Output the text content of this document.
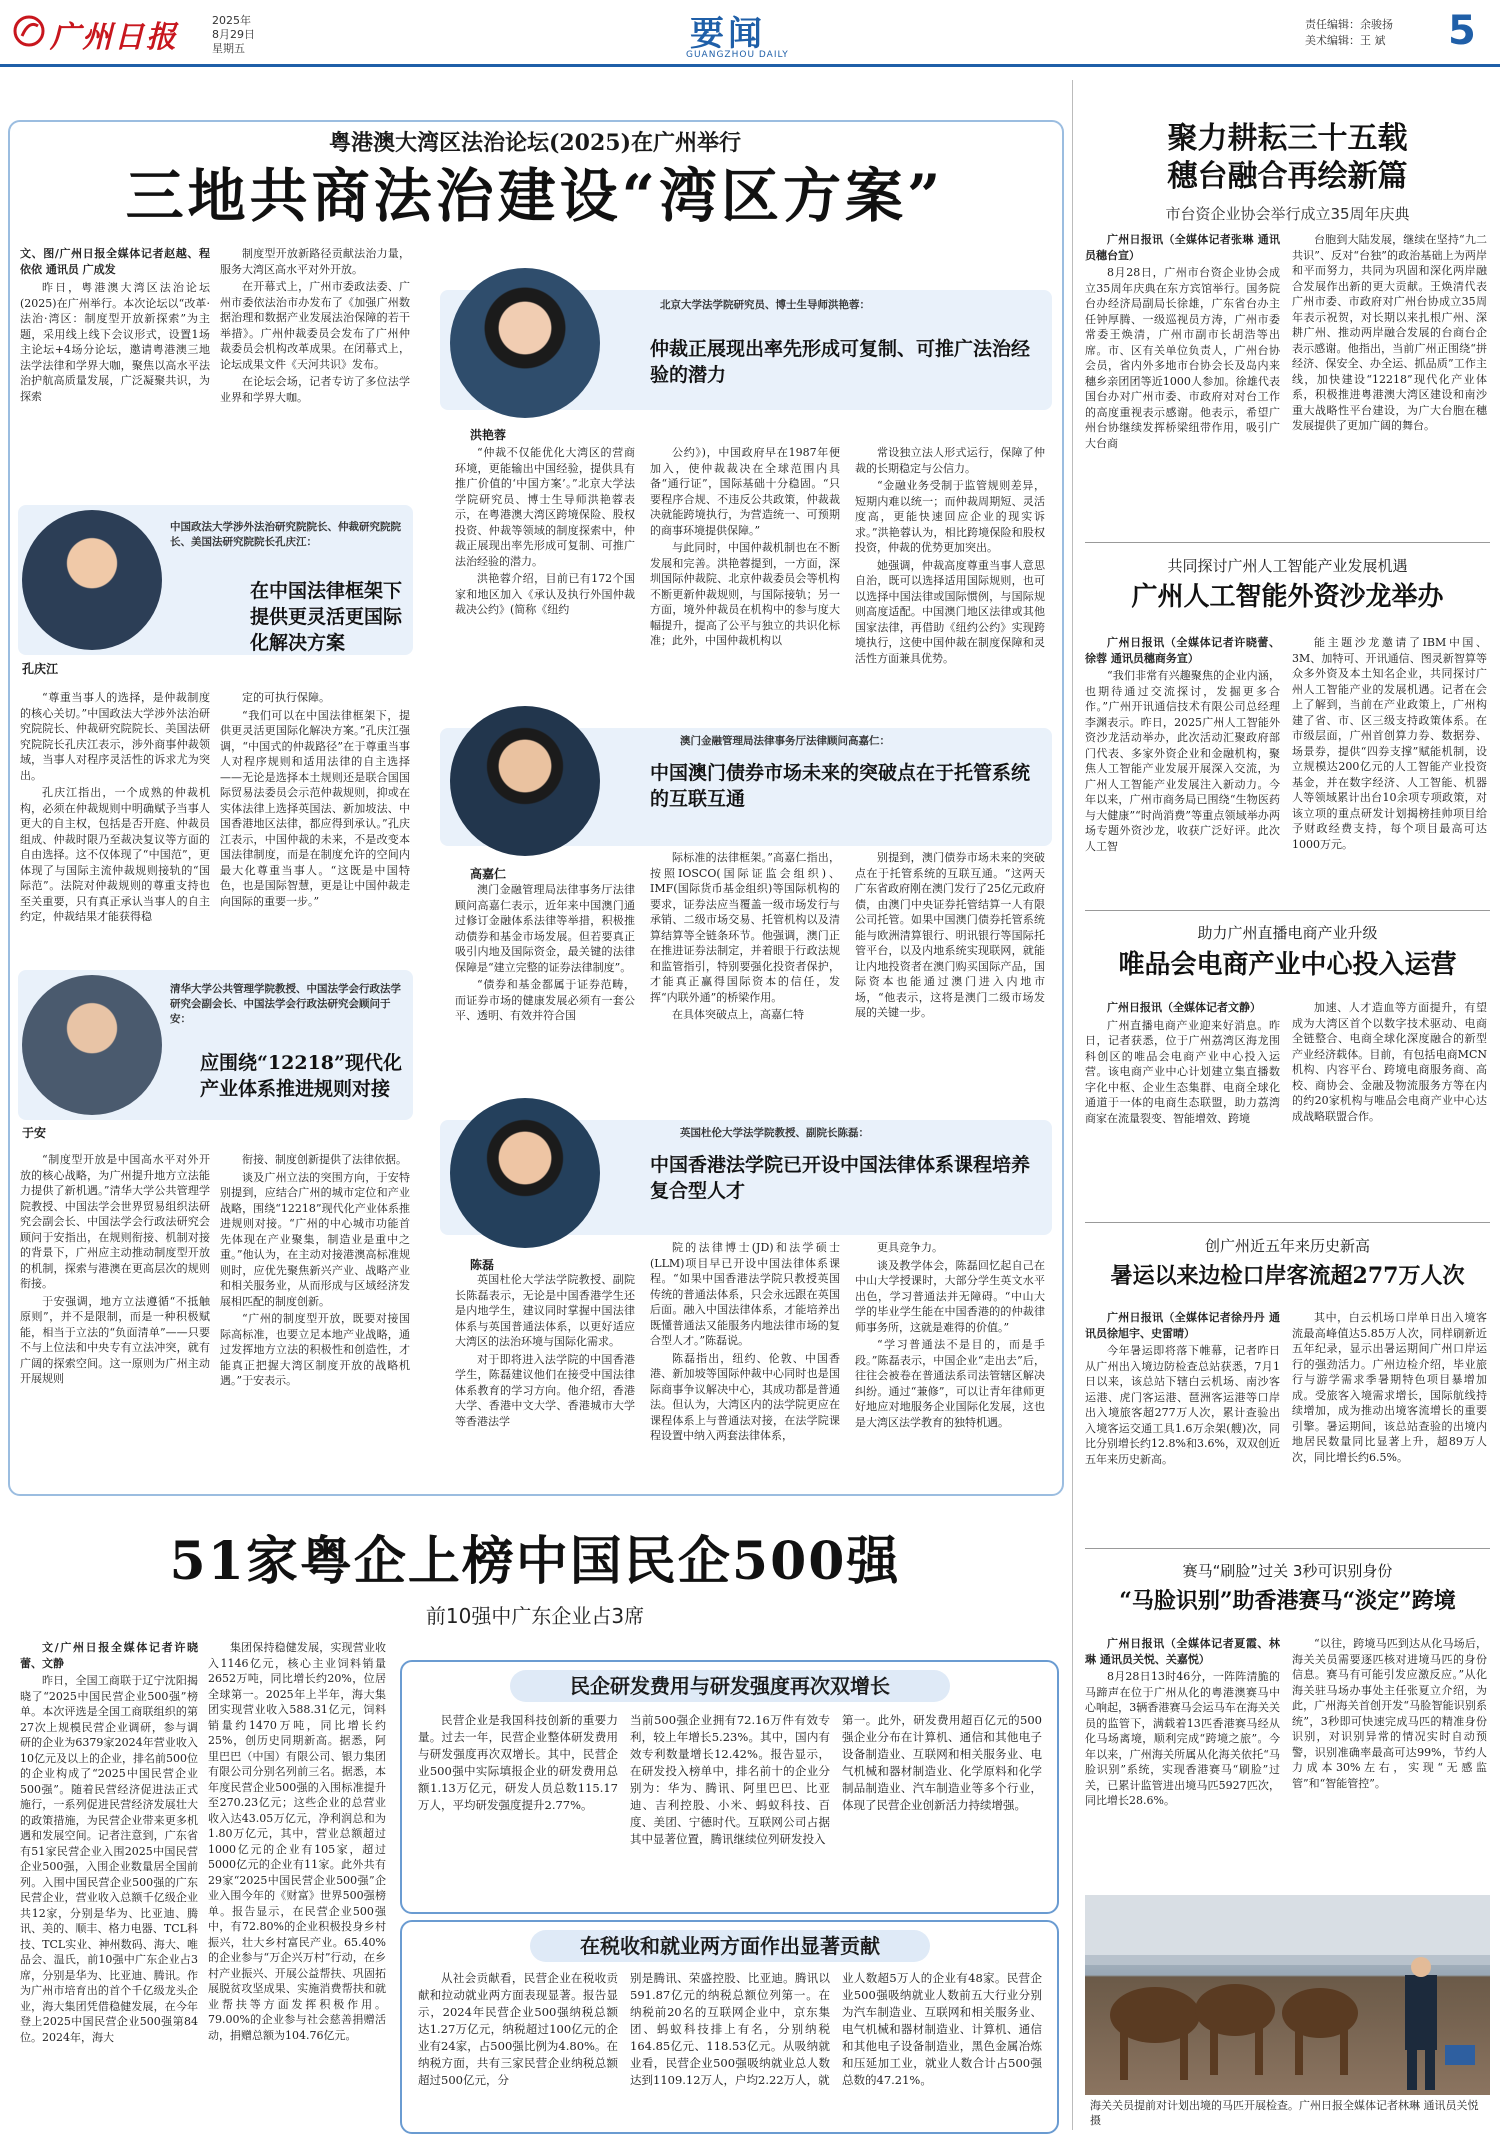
广州日报	2025年
8月29日
星期五	要闻
GUANGZHOU DAILY
责任编辑：余骏扬
美术编辑：王 斌 5
粤港澳大湾区法治论坛(2025)在广州举行
三地共商法治建设“湾区方案”
文、图/广州日报全媒体记者赵越、程依依 通讯员 广成发

昨日，粤港澳大湾区法治论坛(2025)在广州举行。本次论坛以“改革·法治·湾区：制度型开放新探索”为主题，采用线上线下会议形式，设置1场主论坛+4场分论坛，邀请粤港澳三地法学法律和学界大咖，聚焦以高水平法治护航高质量发展，广泛凝聚共识，为探索

制度型开放新路径贡献法治力量，服务大湾区高水平对外开放。

在开幕式上，广州市委政法委、广州市委依法治市办发布了《加强广州数据治理和数据产业发展法治保障的若干举措》。广州仲裁委员会发布了广州仲裁委员会机构改革成果。在闭幕式上，论坛成果文件《天河共识》发布。

在论坛会场，记者专访了多位法学业界和学界大咖。

孔庆江
中国政法大学涉外法治研究院院长、仲裁研究院院长、美国法研究院院长孔庆江：
在中国法律框架下提供更灵活更国际化解决方案

“尊重当事人的选择，是仲裁制度的核心关切。”中国政法大学涉外法治研究院院长、仲裁研究院院长、美国法研究院院长孔庆江表示，涉外商事仲裁领域，当事人对程序灵活性的诉求尤为突出。

孔庆江指出，一个成熟的仲裁机构，必须在仲裁规则中明确赋予当事人更大的自主权，包括是否开庭、仲裁员组成、仲裁时限乃至裁决复议等方面的自由选择。这不仅体现了“中国范”，更体现了与国际主流仲裁规则接轨的“国际范”。法院对仲裁规则的尊重支持也至关重要，只有真正承认当事人的自主约定，仲裁结果才能获得稳

定的可执行保障。

“我们可以在中国法律框架下，提供更灵活更国际化解决方案。”孔庆江强调，“中国式的仲裁路径”在于尊重当事人对程序规则和适用法律的自主选择——无论是选择本土规则还是联合国国际贸易法委员会示范仲裁规则，抑或在实体法律上选择英国法、新加坡法、中国香港地区法律，都应得到承认。”孔庆江表示，中国仲裁的未来，不是改变本国法律制度，而是在制度允许的空间内最大化尊重当事人。“这既是中国特色，也是国际智慧，更是让中国仲裁走向国际的重要一步。”

于安
清华大学公共管理学院教授、中国法学会行政法学研究会副会长、中国法学会行政法研究会顾问于安：
应围绕“12218”现代化产业体系推进规则对接

“制度型开放是中国高水平对外开放的核心战略，为广州提升地方立法能力提供了新机遇。”清华大学公共管理学院教授、中国法学会世界贸易组织法研究会副会长、中国法学会行政法研究会顾问于安指出，在规则衔接、机制对接的背景下，广州应主动推动制度型开放的机制，探索与港澳在更高层次的规则衔接。

于安强调，地方立法遵循“不抵触原则”，并不是限制，而是一种积极赋能，相当于立法的“负面清单”——只要不与上位法和中央专有立法冲突，就有广阔的探索空间。这一原则为广州主动开展规则

衔接、制度创新提供了法律依据。

谈及广州立法的突围方向，于安特别提到，应结合广州的城市定位和产业战略，围绕“12218”现代化产业体系推进规则对接。“广州的中心城市功能首先体现在产业聚集，制造业是重中之重。”他认为，在主动对接港澳高标准规则时，应优先聚焦新兴产业、战略产业和相关服务业，从而形成与区域经济发展相匹配的制度创新。

“广州的制度型开放，既要对接国际高标准，也要立足本地产业战略，通过发挥地方立法的积极性和创造性，才能真正把握大湾区制度开放的战略机遇。”于安表示。

洪艳蓉
北京大学法学院研究员、博士生导师洪艳蓉：
仲裁正展现出率先形成可复制、可推广法治经验的潜力

“仲裁不仅能优化大湾区的营商环境，更能输出中国经验，提供具有推广价值的‘中国方案’。”北京大学法学院研究员、博士生导师洪艳蓉表示，在粤港澳大湾区跨境保险、股权投资、仲裁等领域的制度探索中，仲裁正展现出率先形成可复制、可推广法治经验的潜力。

洪艳蓉介绍，目前已有172个国家和地区加入《承认及执行外国仲裁裁决公约》(简称《纽约

公约》)，中国政府早在1987年便加入，使仲裁裁决在全球范围内具备“通行证”，国际基础十分稳固。“只要程序合规、不违反公共政策，仲裁裁决就能跨境执行，为营造统一、可预期的商事环境提供保障。”

与此同时，中国仲裁机制也在不断发展和完善。洪艳蓉提到，一方面，深圳国际仲裁院、北京仲裁委员会等机构不断更新仲裁规则，与国际接轨；另一方面，境外仲裁员在机构中的参与度大幅提升，提高了公平与独立的共识化标准；此外，中国仲裁机构以

常设独立法人形式运行，保障了仲裁的长期稳定与公信力。

“金融业务受制于监管规则差异，短期内难以统一；而仲裁周期短、灵活度高，更能快速回应企业的现实诉求。”洪艳蓉认为，相比跨境保险和股权投资，仲裁的优势更加突出。

她强调，仲裁高度尊重当事人意思自治，既可以选择适用国际规则，也可以选择中国法律或国际惯例，与国际规则高度适配。中国澳门地区法律或其他国家法律，再借助《纽约公约》实现跨境执行，这使中国仲裁在制度保障和灵活性方面兼具优势。

高嘉仁
澳门金融管理局法律事务厅法律顾问高嘉仁：
中国澳门债券市场未来的突破点在于托管系统的互联互通

澳门金融管理局法律事务厅法律顾问高嘉仁表示，近年来中国澳门通过修订金融体系法律等举措，积极推动债券和基金市场发展。但若要真正吸引内地及国际资金，最关键的法律保障是“建立完整的证券法律制度”。

“债券和基金都属于证券范畴，而证券市场的健康发展必须有一套公平、透明、有效并符合国

际标准的法律框架。”高嘉仁指出，按照IOSCO(国际证监会组织)、IMF(国际货币基金组织)等国际机构的要求，证券法应当覆盖一级市场发行与承销、二级市场交易、托管机构以及清算结算等全链条环节。他强调，澳门正在推进证券法制定，并着眼于行政法规和监管指引，特别要强化投资者保护，才能真正赢得国际资本的信任，发挥“内联外通”的桥梁作用。

在具体突破点上，高嘉仁特

别提到，澳门债券市场未来的突破点在于托管系统的互联互通。“这两天广东省政府刚在澳门发行了25亿元政府债，由澳门中央证券托管结算一人有限公司托管。如果中国澳门债券托管系统能与欧洲清算银行、明讯银行等国际托管平台，以及内地系统实现联网，就能让内地投资者在澳门购买国际产品，国际资本也能通过澳门进入内地市场，“他表示，这将是澳门二级市场发展的关键一步。

陈磊
英国杜伦大学法学院教授、副院长陈磊：
中国香港法学院已开设中国法律体系课程培养复合型人才

英国杜伦大学法学院教授、副院长陈磊表示，无论是中国香港学生还是内地学生，建议同时掌握中国法律体系与英国普通法体系，以更好适应大湾区的法治环境与国际化需求。

对于即将进入法学院的中国香港学生，陈磊建议他们在接受中国法律体系教育的学习方向。他介绍，香港大学、香港中文大学、香港城市大学等香港法学

院的法律博士(JD)和法学硕士(LLM)项目早已开设中国法律体系课程。“如果中国香港法学院只教授英国传统的普通法体系，只会永远跟在英国后面。融入中国法律体系，才能培养出既懂普通法又能服务内地法律市场的复合型人才。”陈磊说。

陈磊指出，纽约、伦敦、中国香港、新加坡等国际仲裁中心同时也是国际商事争议解决中心，其成功都是普通法。但认为，大湾区内的法学院更应在课程体系上与普通法对接，在法学院课程设置中纳入两套法律体系，

更具竞争力。

谈及教学体会，陈磊回忆起自己在中山大学授课时，大部分学生英文水平出色，学习普通法并无障碍。“中山大学的毕业学生能在中国香港的的仲裁律师事务所，这就是难得的价值。”

“学习普通法不是目的，而是手段。”陈磊表示，中国企业“走出去”后，往往会被卷在普通法系司法管辖区解决纠纷。通过“兼修”，可以让青年律师更好地应对地服务企业国际化发展，这也是大湾区法学教育的独特机遇。

聚力耕耘三十五载
穗台融合再绘新篇
市台资企业协会举行成立35周年庆典

广州日报讯（全媒体记者张琳 通讯员穗台宣）

8月28日，广州市台资企业协会成立35周年庆典在东方宾馆举行。国务院台办经济局副局长徐雄，广东省台办主任钟厚腾、一级巡视员方涛，广州市委常委王焕清，广州市副市长胡浩等出席。市、区有关单位负责人，广州台协会员，省内外多地市台协会长及岛内来穗乡亲团团等近1000人参加。徐雄代表国台办对广州市委、市政府对对台工作的高度重视表示感谢。他表示，希望广州台协继续发挥桥梁纽带作用，吸引广大台商

台胞到大陆发展，继续在坚持“九二共识”、反对“台独”的政治基础上为两岸和平而努力，共同为巩固和深化两岸融合发展作出新的更大贡献。王焕清代表广州市委、市政府对广州台协成立35周年表示祝贺，对长期以来扎根广州、深耕广州、推动两岸融合发展的台商台企表示感谢。他指出，当前广州正围绕“拼经济、保安全、办全运、抓品质”工作主线，加快建设“12218”现代化产业体系，积极推进粤港澳大湾区建设和南沙重大战略性平台建设，为广大台胞在穗发展提供了更加广阔的舞台。

共同探讨广州人工智能产业发展机遇
广州人工智能外资沙龙举办

广州日报讯（全媒体记者许晓蕾、徐蓉 通讯员穗商务宣）

“我们非常有兴趣聚焦的企业内涵，也期待通过交流探讨，发掘更多合作。”广州开讯通信技术有限公司总经理李渊表示。昨日，2025广州人工智能外资沙龙活动举办，此次活动汇聚政府部门代表、多家外资企业和金融机构，聚焦人工智能产业发展开展深入交流，为广州人工智能产业发展注入新动力。今年以来，广州市商务局已围绕“生物医药与大健康”“时尚消费”等重点领域举办两场专题外资沙龙，收获广泛好评。此次人工智

能主题沙龙邀请了IBM中国、3M、加特可、开讯通信、图灵新智算等众多外资及本土知名企业，共同探讨广州人工智能产业的发展机遇。记者在会上了解到，当前在产业政策上，广州构建了省、市、区三级支持政策体系。在市级层面，广州首创算力券、数据券、场景券，提供“四券支撑”赋能机制，设立规模达200亿元的人工智能产业投资基金，并在数字经济、人工智能、机器人等领域累计出台10余项专项政策，对该立项的重点研发计划揭榜挂帅项目给予财政经费支持，每个项目最高可达1000万元。

助力广州直播电商产业升级
唯品会电商产业中心投入运营

广州日报讯（全媒体记者文静）

广州直播电商产业迎来好消息。昨日，记者获悉，位于广州荔湾区海龙围科创区的唯品会电商产业中心投入运营。该电商产业中心计划建立集直播数字化中枢、企业生态集群、电商全球化通道于一体的电商生态联盟，助力荔湾商家在流量裂变、智能增效、跨境

加速、人才造血等方面提升，有望成为大湾区首个以数字技术驱动、电商全链整合、电商全球化深度融合的新型产业经济载体。目前，有包括电商MCN机构、内容平台、跨境电商服务商、高校、商协会、金融及物流服务方等在内的约20家机构与唯品会电商产业中心达成战略联盟合作。

创广州近五年来历史新高
暑运以来边检口岸客流超277万人次

广州日报讯（全媒体记者徐丹丹 通讯员徐旭宇、史雷晴）

今年暑运即将落下帷幕，记者昨日从广州出入境边防检查总站获悉，7月1日以来，该总站下辖白云机场、南沙客运港、虎门客运港、琶洲客运港等口岸出入境旅客超277万人次，累计查验出入境客运交通工具1.6万余架(艘)次，同比分别增长约12.8%和3.6%，双双创近五年来历史新高。

其中，白云机场口岸单日出入境客流最高峰值达5.85万人次，同样刷新近五年纪录，显示出暑运期间广州口岸运行的强劲活力。广州边检介绍，毕业旅行与游学需求季暑期特色项目暴增加成。受旅客入境需求增长，国际航线持续增加，成为推动出境客流增长的重要引擎。暑运期间，该总站查验的出境内地居民数量同比显著上升，超89万人次，同比增长约6.5%。

赛马“刷脸”过关 3秒可识别身份
“马脸识别”助香港赛马“淡定”跨境

广州日报讯（全媒体记者夏霞、林琳 通讯员关悦、关嘉悦）

8月28日13时46分，一阵阵清脆的马蹄声在位于广州从化的粤港澳赛马中心响起，3辆香港赛马会运马车在海关关员的监管下，满载着13匹香港赛马经从化马场离境，顺利完成“跨境之旅”。今年以来，广州海关所属从化海关依托“马脸识别”系统，实现香港赛马“刷脸”过关，已累计监管进出境马匹5927匹次，同比增长28.6%。

“以往，跨境马匹到达从化马场后，海关关员需要逐匹核对进境马匹的身份信息。赛马有可能引发应激反应。”从化海关驻马场办事处主任张夏立介绍，为此，广州海关首创开发“马脸智能识别系统”，3秒即可快速完成马匹的精准身份识别，对识别异常的情况实时自动预警，识别准确率最高可达99%，节约人力成本30%左右，实现“无感监管”和“智能管控”。

海关关员提前对计划出境的马匹开展检查。广州日报全媒体记者林琳 通讯员关悦 摄
51家粤企上榜中国民企500强
前10强中广东企业占3席

文/广州日报全媒体记者许晓蕾、文静

昨日，全国工商联于辽宁沈阳揭晓了“2025中国民营企业500强”榜单。本次评选是全国工商联组织的第27次上规模民营企业调研，参与调研的企业为6379家2024年营业收入10亿元及以上的企业，排名前500位的企业构成了“2025中国民营企业500强”。随着民营经济促进法正式施行，一系列促进民营经济发展壮大的政策措施，为民营企业带来更多机遇和发展空间。记者注意到，广东省有51家民营企业入围2025中国民营企业500强，入围企业数量居全国前列。入围中国民营企业500强的广东民营企业，营业收入总额千亿级企业共12家，分别是华为、比亚迪、腾讯、美的、顺丰、格力电器、TCL科技、TCL实业、神州数码、海大、唯品会、温氏，前10强中广东企业占3席，分别是华为、比亚迪、腾讯。作为广州市培育出的首个千亿级龙头企业，海大集团凭借稳健发展，在今年登上2025中国民营企业500强第84位。2024年，海大

集团保持稳健发展，实现营业收入1146亿元，核心主业饲料销量2652万吨，同比增长约20%，位居全球第一。2025年上半年，海大集团实现营业收入588.31亿元，饲料销量约1470万吨，同比增长约25%，创历史同期新高。据悉，阿里巴巴（中国）有限公司、银力集团有限公司分别名列前三名。据悉，本年度民营企业500强的入围标准提升至270.23亿元；这些企业的总营业收入达43.05万亿元，净利润总和为1.80万亿元，其中，营业总额超过1000亿元的企业有105家，超过5000亿元的企业有11家。此外共有29家“2025中国民营企业500强”企业入围今年的《财富》世界500强榜单。报告显示，在民营企业500强中，有72.80%的企业积极投身乡村振兴，壮大乡村富民产业。65.40%的企业参与“万企兴万村”行动，在乡村产业振兴、开展公益帮扶、巩固拓展脱贫攻坚成果、实施消费帮扶和就业帮扶等方面发挥积极作用。79.00%的企业参与社会慈善捐赠活动，捐赠总额为104.76亿元。

民企研发费用与研发强度再次双增长

民营企业是我国科技创新的重要力量。过去一年，民营企业整体研发费用与研发强度再次双增长。其中，民营企业500强中实际填报企业的研发费用总额1.13万亿元，研发人员总数115.17万人，平均研发强度提升2.77%。

当前500强企业拥有72.16万件有效专利，较上年增长5.23%。其中，国内有效专利数量增长12.42%。报告显示，在研发投入榜单中，排名前十的企业分别为：华为、腾讯、阿里巴巴、比亚迪、吉利控股、小米、蚂蚁科技、百度、美团、宁德时代。互联网公司占据其中显著位置，腾讯继续位列研发投入

第一。此外，研发费用超百亿元的500强企业分布在计算机、通信和其他电子设备制造业、互联网和相关服务业、电气机械和器材制造业、化学原料和化学制品制造业、汽车制造业等多个行业，体现了民营企业创新活力持续增强。

在税收和就业两方面作出显著贡献

从社会贡献看，民营企业在税收贡献和拉动就业两方面表现显著。报告显示，2024年民营企业500强纳税总额达1.27万亿元，纳税超过100亿元的企业有24家，占500强比例为4.80%。在纳税方面，共有三家民营企业纳税总额超过500亿元，分

别是腾讯、荣盛控股、比亚迪。腾讯以591.87亿元的纳税总额位列第一。在纳税前20名的互联网企业中，京东集团、蚂蚁科技排上有名，分别纳税164.85亿元、118.53亿元。从吸纳就业看，民营企业500强吸纳就业总人数达到1109.12万人，户均2.22万人，就

业人数超5万人的企业有48家。民营企业500强吸纳就业人数前五大行业分别为汽车制造业、互联网和相关服务业、电气机械和器材制造业、计算机、通信和其他电子设备制造业，黑色金属冶炼和压延加工业，就业人数合计占500强总数的47.21%。
